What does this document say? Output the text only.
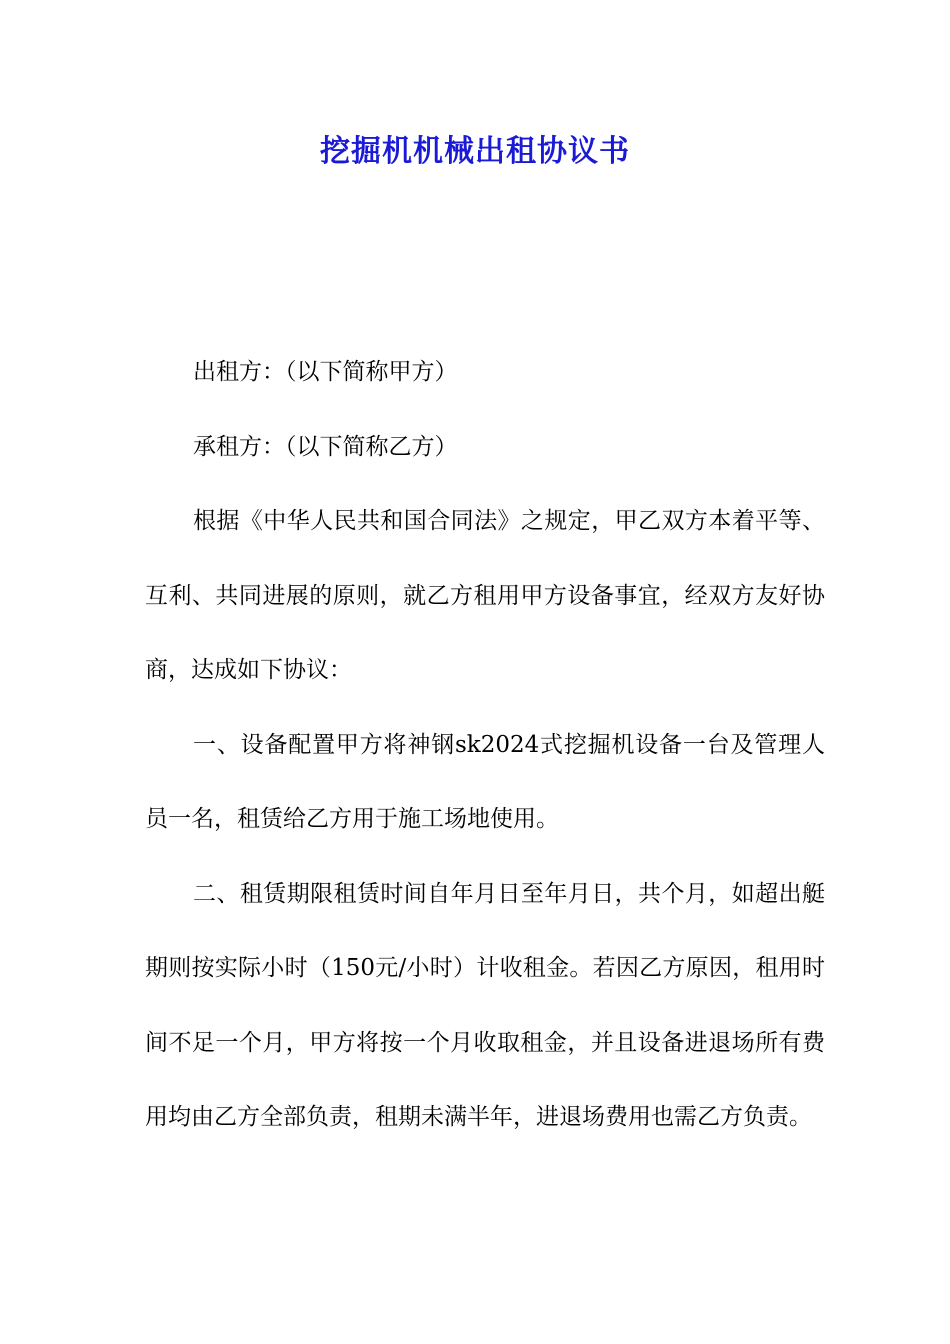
挖掘机机械出租协议书

出租方：（以下简称甲方）

承租方：（以下简称乙方）

根据《中华人民共和国合同法》之规定，甲乙双方本着平等、互利、共同进展的原则，就乙方租用甲方设备事宜，经双方友好协商，达成如下协议：

一、设备配置甲方将神钢sk2024式挖掘机设备一台及管理人员一名，租赁给乙方用于施工场地使用。

二、租赁期限租赁时间自年月日至年月日，共个月，如超出艇期则按实际小时（150元/小时）计收租金。若因乙方原因，租用时间不足一个月，甲方将按一个月收取租金，并且设备进退场所有费用均由乙方全部负责，租期未满半年，进退场费用也需乙方负责。
